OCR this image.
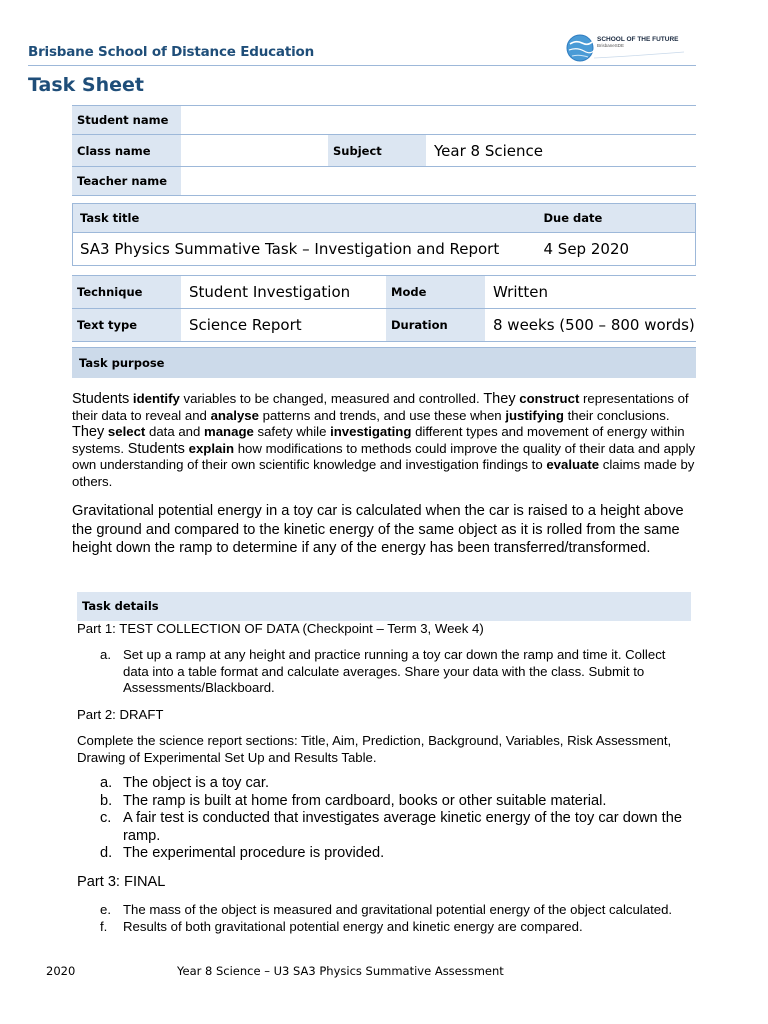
Brisbane School of Distance Education
SCHOOL OF THE FUTURE
BrisbaneSDE
Task Sheet
Student name			
Class name		Subject	Year 8 Science
Teacher name			
Task title	Due date
SA3 Physics Summative Task – Investigation and Report	4 Sep 2020
Technique	Student Investigation	Mode	Written
Text type	Science Report	Duration	8 weeks (500 – 800 words)
Task purpose
Students identify variables to be changed, measured and controlled. They construct representations of their data to reveal and analyse patterns and trends, and use these when justifying their conclusions. They select data and manage safety while investigating different types and movement of energy within systems. Students explain how modifications to methods could improve the quality of their data and apply own understanding of their own scientific knowledge and investigation findings to evaluate claims made by others.
Gravitational potential energy in a toy car is calculated when the car is raised to a height above the ground and compared to the kinetic energy of the same object as it is rolled from the same height down the ramp to determine if any of the energy has been transferred/transformed.
Task details
Part 1: TEST COLLECTION OF DATA (Checkpoint – Term 3, Week 4)
a. Set up a ramp at any height and practice running a toy car down the ramp and time it. Collect data into a table format and calculate averages. Share your data with the class. Submit to Assessments/Blackboard.
Part 2: DRAFT
Complete the science report sections: Title, Aim, Prediction, Background, Variables, Risk Assessment, Drawing of Experimental Set Up and Results Table.
a. The object is a toy car.
b. The ramp is built at home from cardboard, books or other suitable material.
c. A fair test is conducted that investigates average kinetic energy of the toy car down the ramp.
d. The experimental procedure is provided.
Part 3: FINAL
e. The mass of the object is measured and gravitational potential energy of the object calculated.
f. Results of both gravitational potential energy and kinetic energy are compared.
2020	Year 8 Science – U3 SA3 Physics Summative Assessment
